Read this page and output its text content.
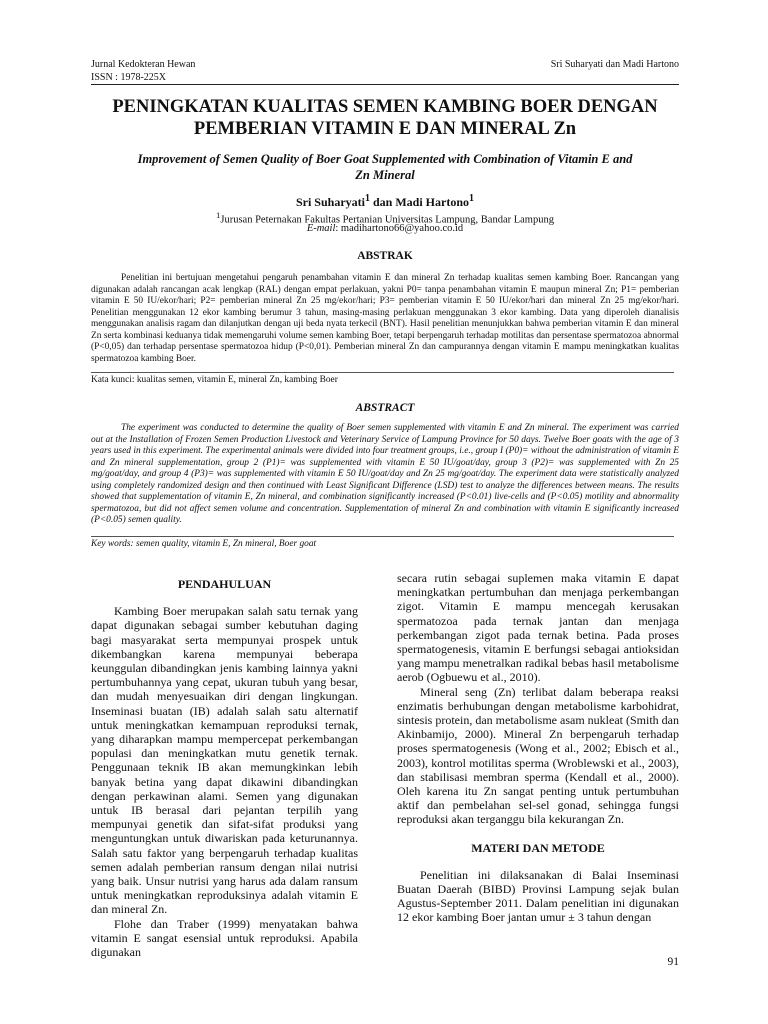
Jurnal Kedokteran Hewan
ISSN : 1978-225X
Sri Suharyati dan Madi Hartono
PENINGKATAN KUALITAS SEMEN KAMBING BOER DENGAN PEMBERIAN VITAMIN E DAN MINERAL Zn
Improvement of Semen Quality of Boer Goat Supplemented with Combination of Vitamin E and Zn Mineral
Sri Suharyati$^1$ dan Madi Hartono$^1$
$^1$Jurusan Peternakan Fakultas Pertanian Universitas Lampung, Bandar Lampung
E-mail: madihartono66@yahoo.co.id
ABSTRAK
Penelitian ini bertujuan mengetahui pengaruh penambahan vitamin E dan mineral Zn terhadap kualitas semen kambing Boer. Rancangan yang digunakan adalah rancangan acak lengkap (RAL) dengan empat perlakuan, yakni P0= tanpa penambahan vitamin E maupun mineral Zn; P1= pemberian vitamin E 50 IU/ekor/hari; P2= pemberian mineral Zn 25 mg/ekor/hari; P3= pemberian vitamin E 50 IU/ekor/hari dan mineral Zn 25 mg/ekor/hari. Penelitian menggunakan 12 ekor kambing berumur 3 tahun, masing-masing perlakuan menggunakan 3 ekor kambing. Data yang diperoleh dianalisis menggunakan analisis ragam dan dilanjutkan dengan uji beda nyata terkecil (BNT). Hasil penelitian menunjukkan bahwa pemberian vitamin E dan mineral Zn serta kombinasi keduanya tidak memengaruhi volume semen kambing Boer, tetapi berpengaruh terhadap motilitas dan persentase spermatozoa abnormal (P<0,05) dan terhadap persentase spermatozoa hidup (P<0,01). Pemberian mineral Zn dan campurannya dengan vitamin E mampu meningkatkan kualitas spermatozoa kambing Boer.
Kata kunci: kualitas semen, vitamin E, mineral Zn, kambing Boer
ABSTRACT
The experiment was conducted to determine the quality of Boer semen supplemented with vitamin E and Zn mineral. The experiment was carried out at the Installation of Frozen Semen Production Livestock and Veterinary Service of Lampung Province for 50 days. Twelve Boer goats with the age of 3 years used in this experiment. The experimental animals were divided into four treatment groups, i.e., group I (P0)= without the administration of vitamin E and Zn mineral supplementation, group 2 (P1)= was supplemented with vitamin E 50 IU/goat/day, group 3 (P2)= was supplemented with Zn 25 mg/goat/day, and group 4 (P3)= was supplemented with vitamin E 50 IU/goat/day and Zn 25 mg/goat/day. The experiment data were statistically analyzed using completely randomized design and then continued with Least Significant Difference (LSD) test to analyze the differences between means. The results showed that supplementation of vitamin E, Zn mineral, and combination significantly increased (P<0.01) live-cells and (P<0.05) motility and abnormality spermatozoa, but did not affect semen volume and concentration. Supplementation of mineral Zn and combination with vitamin E significantly increased (P<0.05) semen quality.
Key words: semen quality, vitamin E, Zn mineral, Boer goat
PENDAHULUAN

Kambing Boer merupakan salah satu ternak yang dapat digunakan sebagai sumber kebutuhan daging bagi masyarakat serta mempunyai prospek untuk dikembangkan karena mempunyai beberapa keunggulan dibandingkan jenis kambing lainnya yakni pertumbuhannya yang cepat, ukuran tubuh yang besar, dan mudah menyesuaikan diri dengan lingkungan. Inseminasi buatan (IB) adalah salah satu alternatif untuk meningkatkan kemampuan reproduksi ternak, yang diharapkan mampu mempercepat perkembangan populasi dan meningkatkan mutu genetik ternak. Penggunaan teknik IB akan memungkinkan lebih banyak betina yang dapat dikawini dibandingkan dengan perkawinan alami. Semen yang digunakan untuk IB berasal dari pejantan terpilih yang mempunyai genetik dan sifat-sifat produksi yang menguntungkan untuk diwariskan pada keturunannya. Salah satu faktor yang berpengaruh terhadap kualitas semen adalah pemberian ransum dengan nilai nutrisi yang baik. Unsur nutrisi yang harus ada dalam ransum untuk meningkatkan reproduksinya adalah vitamin E dan mineral Zn.

Flohe dan Traber (1999) menyatakan bahwa vitamin E sangat esensial untuk reproduksi. Apabila digunakan

secara rutin sebagai suplemen maka vitamin E dapat meningkatkan pertumbuhan dan menjaga perkembangan zigot. Vitamin E mampu mencegah kerusakan spermatozoa pada ternak jantan dan menjaga perkembangan zigot pada ternak betina. Pada proses spermatogenesis, vitamin E berfungsi sebagai antioksidan yang mampu menetralkan radikal bebas hasil metabolisme aerob (Ogbuewu et al., 2010).

Mineral seng (Zn) terlibat dalam beberapa reaksi enzimatis berhubungan dengan metabolisme karbohidrat, sintesis protein, dan metabolisme asam nukleat (Smith dan Akinbamijo, 2000). Mineral Zn berpengaruh terhadap proses spermatogenesis (Wong et al., 2002; Ebisch et al., 2003), kontrol motilitas sperma (Wroblewski et al., 2003), dan stabilisasi membran sperma (Kendall et al., 2000). Oleh karena itu Zn sangat penting untuk pertumbuhan aktif dan pembelahan sel-sel gonad, sehingga fungsi reproduksi akan terganggu bila kekurangan Zn.

MATERI DAN METODE

Penelitian ini dilaksanakan di Balai Inseminasi Buatan Daerah (BIBD) Provinsi Lampung sejak bulan Agustus-September 2011. Dalam penelitian ini digunakan 12 ekor kambing Boer jantan umur ± 3 tahun dengan

91
